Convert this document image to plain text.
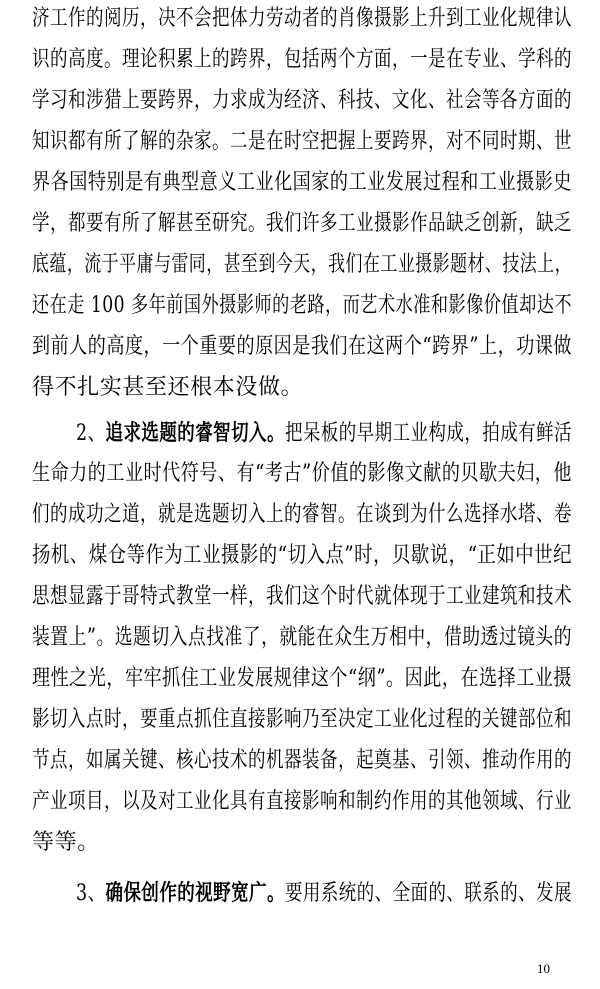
济工作的阅历，决不会把体力劳动者的肖像摄影上升到工业化规律认
识的高度。理论积累上的跨界，包括两个方面，一是在专业、学科的
学习和涉猎上要跨界，力求成为经济、科技、文化、社会等各方面的
知识都有所了解的杂家。二是在时空把握上要跨界，对不同时期、世
界各国特别是有典型意义工业化国家的工业发展过程和工业摄影史
学，都要有所了解甚至研究。我们许多工业摄影作品缺乏创新，缺乏
底蕴，流于平庸与雷同，甚至到今天，我们在工业摄影题材、技法上，
还在走 100 多年前国外摄影师的老路，而艺术水准和影像价值却达不
到前人的高度，一个重要的原因是我们在这两个“跨界”上，功课做
得不扎实甚至还根本没做。
2、追求选题的睿智切入。把呆板的早期工业构成，拍成有鲜活
生命力的工业时代符号、有“考古”价值的影像文献的贝歇夫妇，他
们的成功之道，就是选题切入上的睿智。在谈到为什么选择水塔、卷
扬机、煤仓等作为工业摄影的“切入点”时，贝歇说，“正如中世纪
思想显露于哥特式教堂一样，我们这个时代就体现于工业建筑和技术
装置上”。选题切入点找准了，就能在众生万相中，借助透过镜头的
理性之光，牢牢抓住工业发展规律这个“纲”。因此，在选择工业摄
影切入点时，要重点抓住直接影响乃至决定工业化过程的关键部位和
节点，如属关键、核心技术的机器装备，起奠基、引领、推动作用的
产业项目，以及对工业化具有直接影响和制约作用的其他领域、行业
等等。
3、确保创作的视野宽广。要用系统的、全面的、联系的、发展
10
